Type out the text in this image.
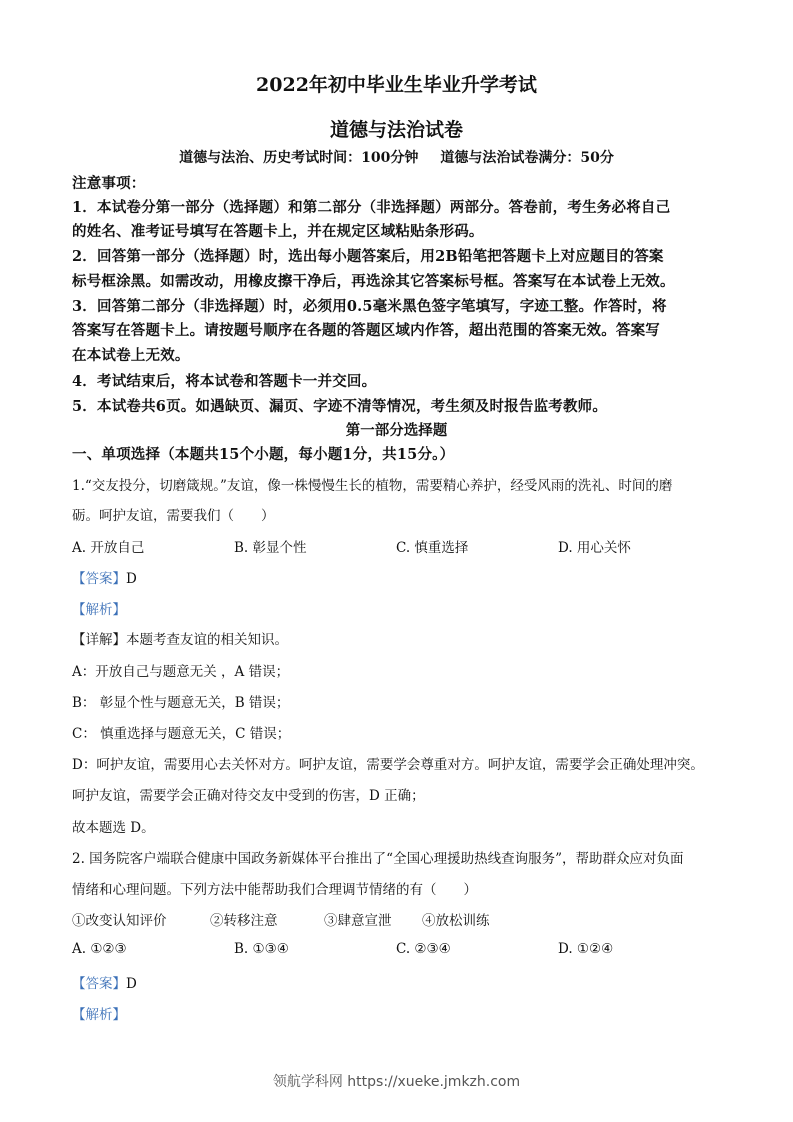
2022年初中毕业生毕业升学考试
道德与法治试卷
道德与法治、历史考试时间：100分钟 道德与法治试卷满分：50分
注意事项：
1．本试卷分第一部分（选择题）和第二部分（非选择题）两部分。答卷前，考生务必将自己
的姓名、准考证号填写在答题卡上，并在规定区域粘贴条形码。
2．回答第一部分（选择题）时，选出每小题答案后，用2B铅笔把答题卡上对应题目的答案
标号框涂黑。如需改动，用橡皮擦干净后，再选涂其它答案标号框。答案写在本试卷上无效。
3．回答第二部分（非选择题）时，必须用0.5毫米黑色签字笔填写，字迹工整。作答时，将
答案写在答题卡上。请按题号顺序在各题的答题区域内作答，超出范围的答案无效。答案写
在本试卷上无效。
4．考试结束后，将本试卷和答题卡一并交回。
5．本试卷共6页。如遇缺页、漏页、字迹不清等情况，考生须及时报告监考教师。
第一部分选择题
一、单项选择（本题共15个小题，每小题1分，共15分。）
1.“交友投分，切磨箴规。”友谊，像一株慢慢生长的植物，需要精心养护，经受风雨的洗礼、时间的磨
砺。呵护友谊，需要我们（　　）
A. 开放自己	B. 彰显个性	C. 慎重选择	D. 用心关怀
【答案】D
【解析】
【详解】本题考查友谊的相关知识。
A：开放自己与题意无关 ，A 错误；
B： 彰显个性与题意无关，B 错误；
C： 慎重选择与题意无关，C 错误；
D：呵护友谊，需要用心去关怀对方。呵护友谊，需要学会尊重对方。呵护友谊，需要学会正确处理冲突。
呵护友谊，需要学会正确对待交友中受到的伤害，D 正确；
故本题选 D。
2. 国务院客户端联合健康中国政务新媒体平台推出了“全国心理援助热线查询服务”，帮助群众应对负面
情绪和心理问题。下列方法中能帮助我们合理调节情绪的有（　　）
①改变认知评价	②转移注意	③肆意宣泄 ④放松训练
A. ①②③	B. ①③④	C. ②③④	D. ①②④
【答案】D
【解析】
领航学科网 https://xueke.jmkzh.com
